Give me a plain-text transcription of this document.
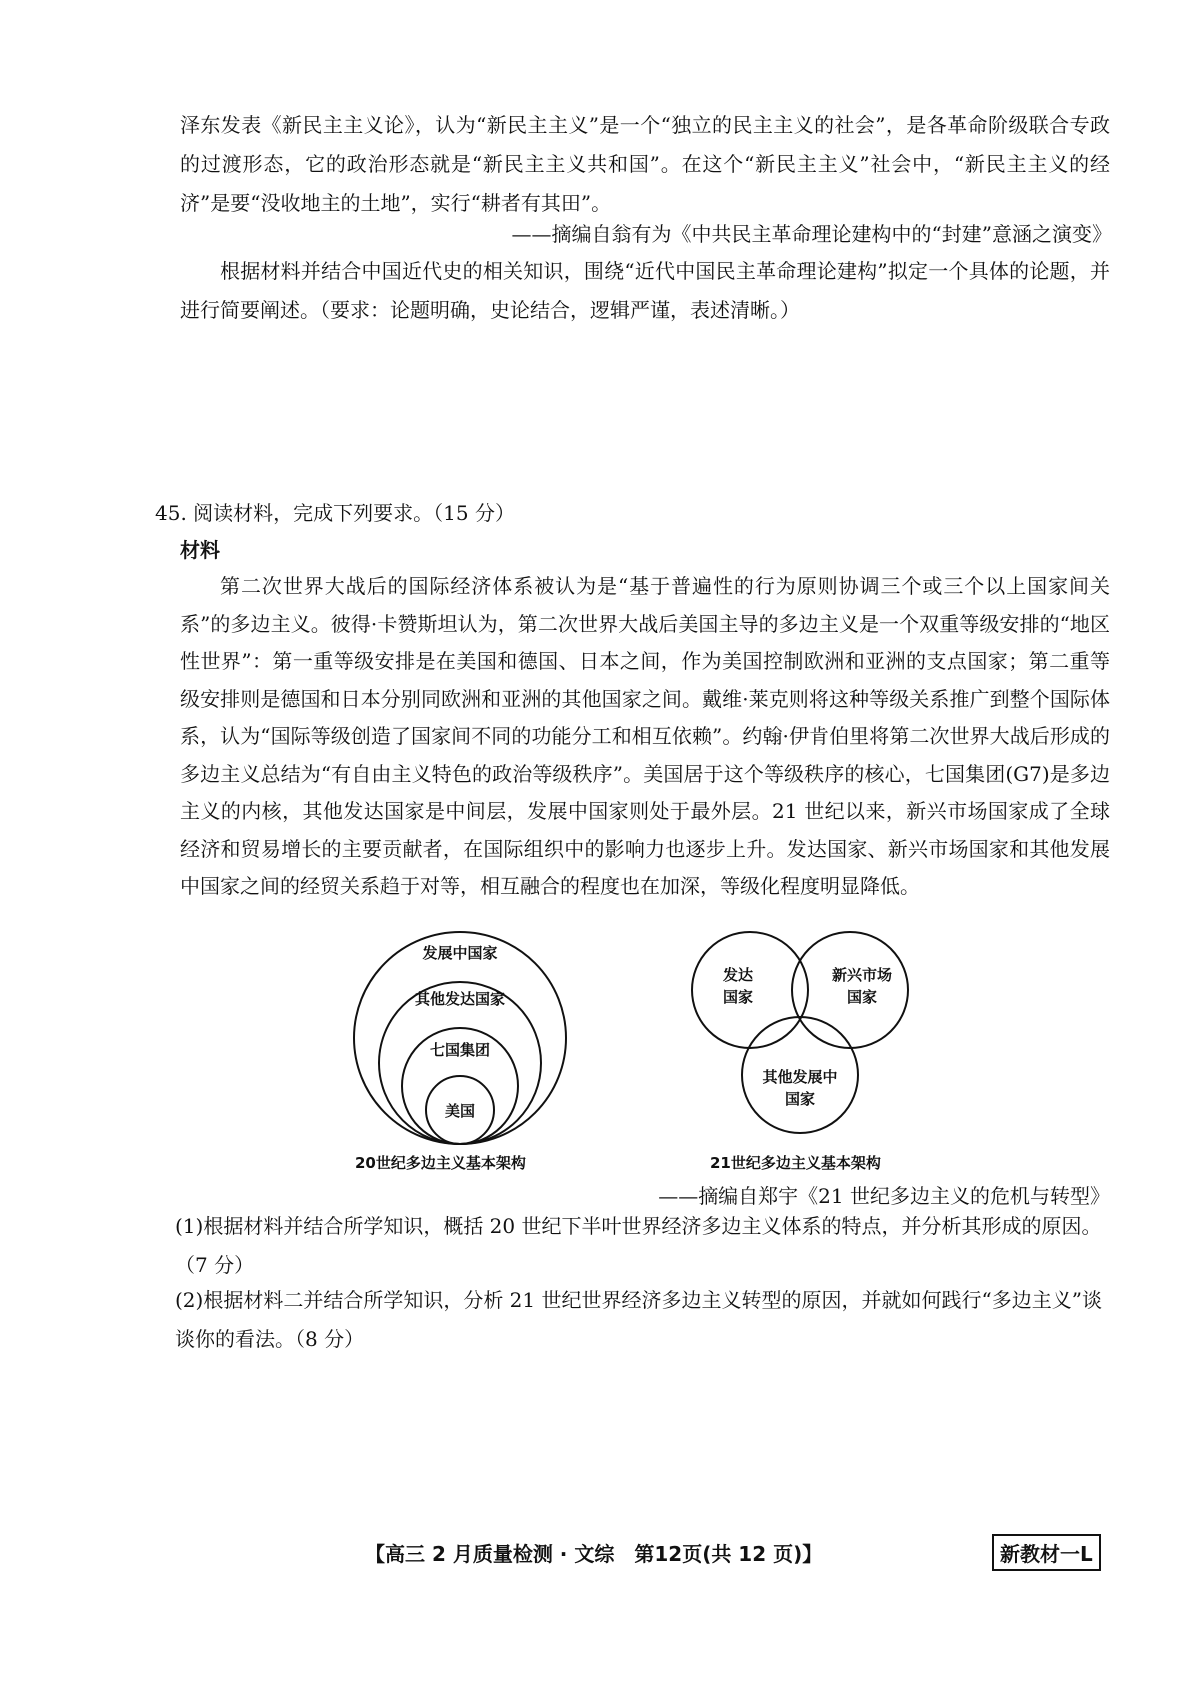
泽东发表《新民主主义论》，认为“新民主主义”是一个“独立的民主主义的社会”，是各革命阶级联合专政的过渡形态，它的政治形态就是“新民主主义共和国”。在这个“新民主主义”社会中，“新民主主义的经济”是要“没收地主的土地”，实行“耕者有其田”。

——摘编自翁有为《中共民主革命理论建构中的“封建”意涵之演变》

根据材料并结合中国近代史的相关知识，围绕“近代中国民主革命理论建构”拟定一个具体的论题，并进行简要阐述。（要求：论题明确，史论结合，逻辑严谨，表述清晰。）

45. 阅读材料，完成下列要求。（15 分）
材料

第二次世界大战后的国际经济体系被认为是“基于普遍性的行为原则协调三个或三个以上国家间关系”的多边主义。彼得·卡赞斯坦认为，第二次世界大战后美国主导的多边主义是一个双重等级安排的“地区性世界”：第一重等级安排是在美国和德国、日本之间，作为美国控制欧洲和亚洲的支点国家；第二重等级安排则是德国和日本分别同欧洲和亚洲的其他国家之间。戴维·莱克则将这种等级关系推广到整个国际体系，认为“国际等级创造了国家间不同的功能分工和相互依赖”。约翰·伊肯伯里将第二次世界大战后形成的多边主义总结为“有自由主义特色的政治等级秩序”。美国居于这个等级秩序的核心，七国集团(G7)是多边主义的内核，其他发达国家是中间层，发展中国家则处于最外层。21 世纪以来，新兴市场国家成了全球经济和贸易增长的主要贡献者，在国际组织中的影响力也逐步上升。发达国家、新兴市场国家和其他发展中国家之间的经贸关系趋于对等，相互融合的程度也在加深，等级化程度明显降低。

发展中国家
其他发达国家
七国集团
美国
20世纪多边主义基本架构
发达
国家
新兴市场
国家
其他发展中
国家
21世纪多边主义基本架构
——摘编自郑宇《21 世纪多边主义的危机与转型》

(1)根据材料并结合所学知识，概括 20 世纪下半叶世界经济多边主义体系的特点，并分析其形成的原因。（7 分）

(2)根据材料二并结合所学知识，分析 21 世纪世界经济多边主义转型的原因，并就如何践行“多边主义”谈谈你的看法。（8 分）

【高三 2 月质量检测 · 文综　第12页(共 12 页)】	新教材一L
